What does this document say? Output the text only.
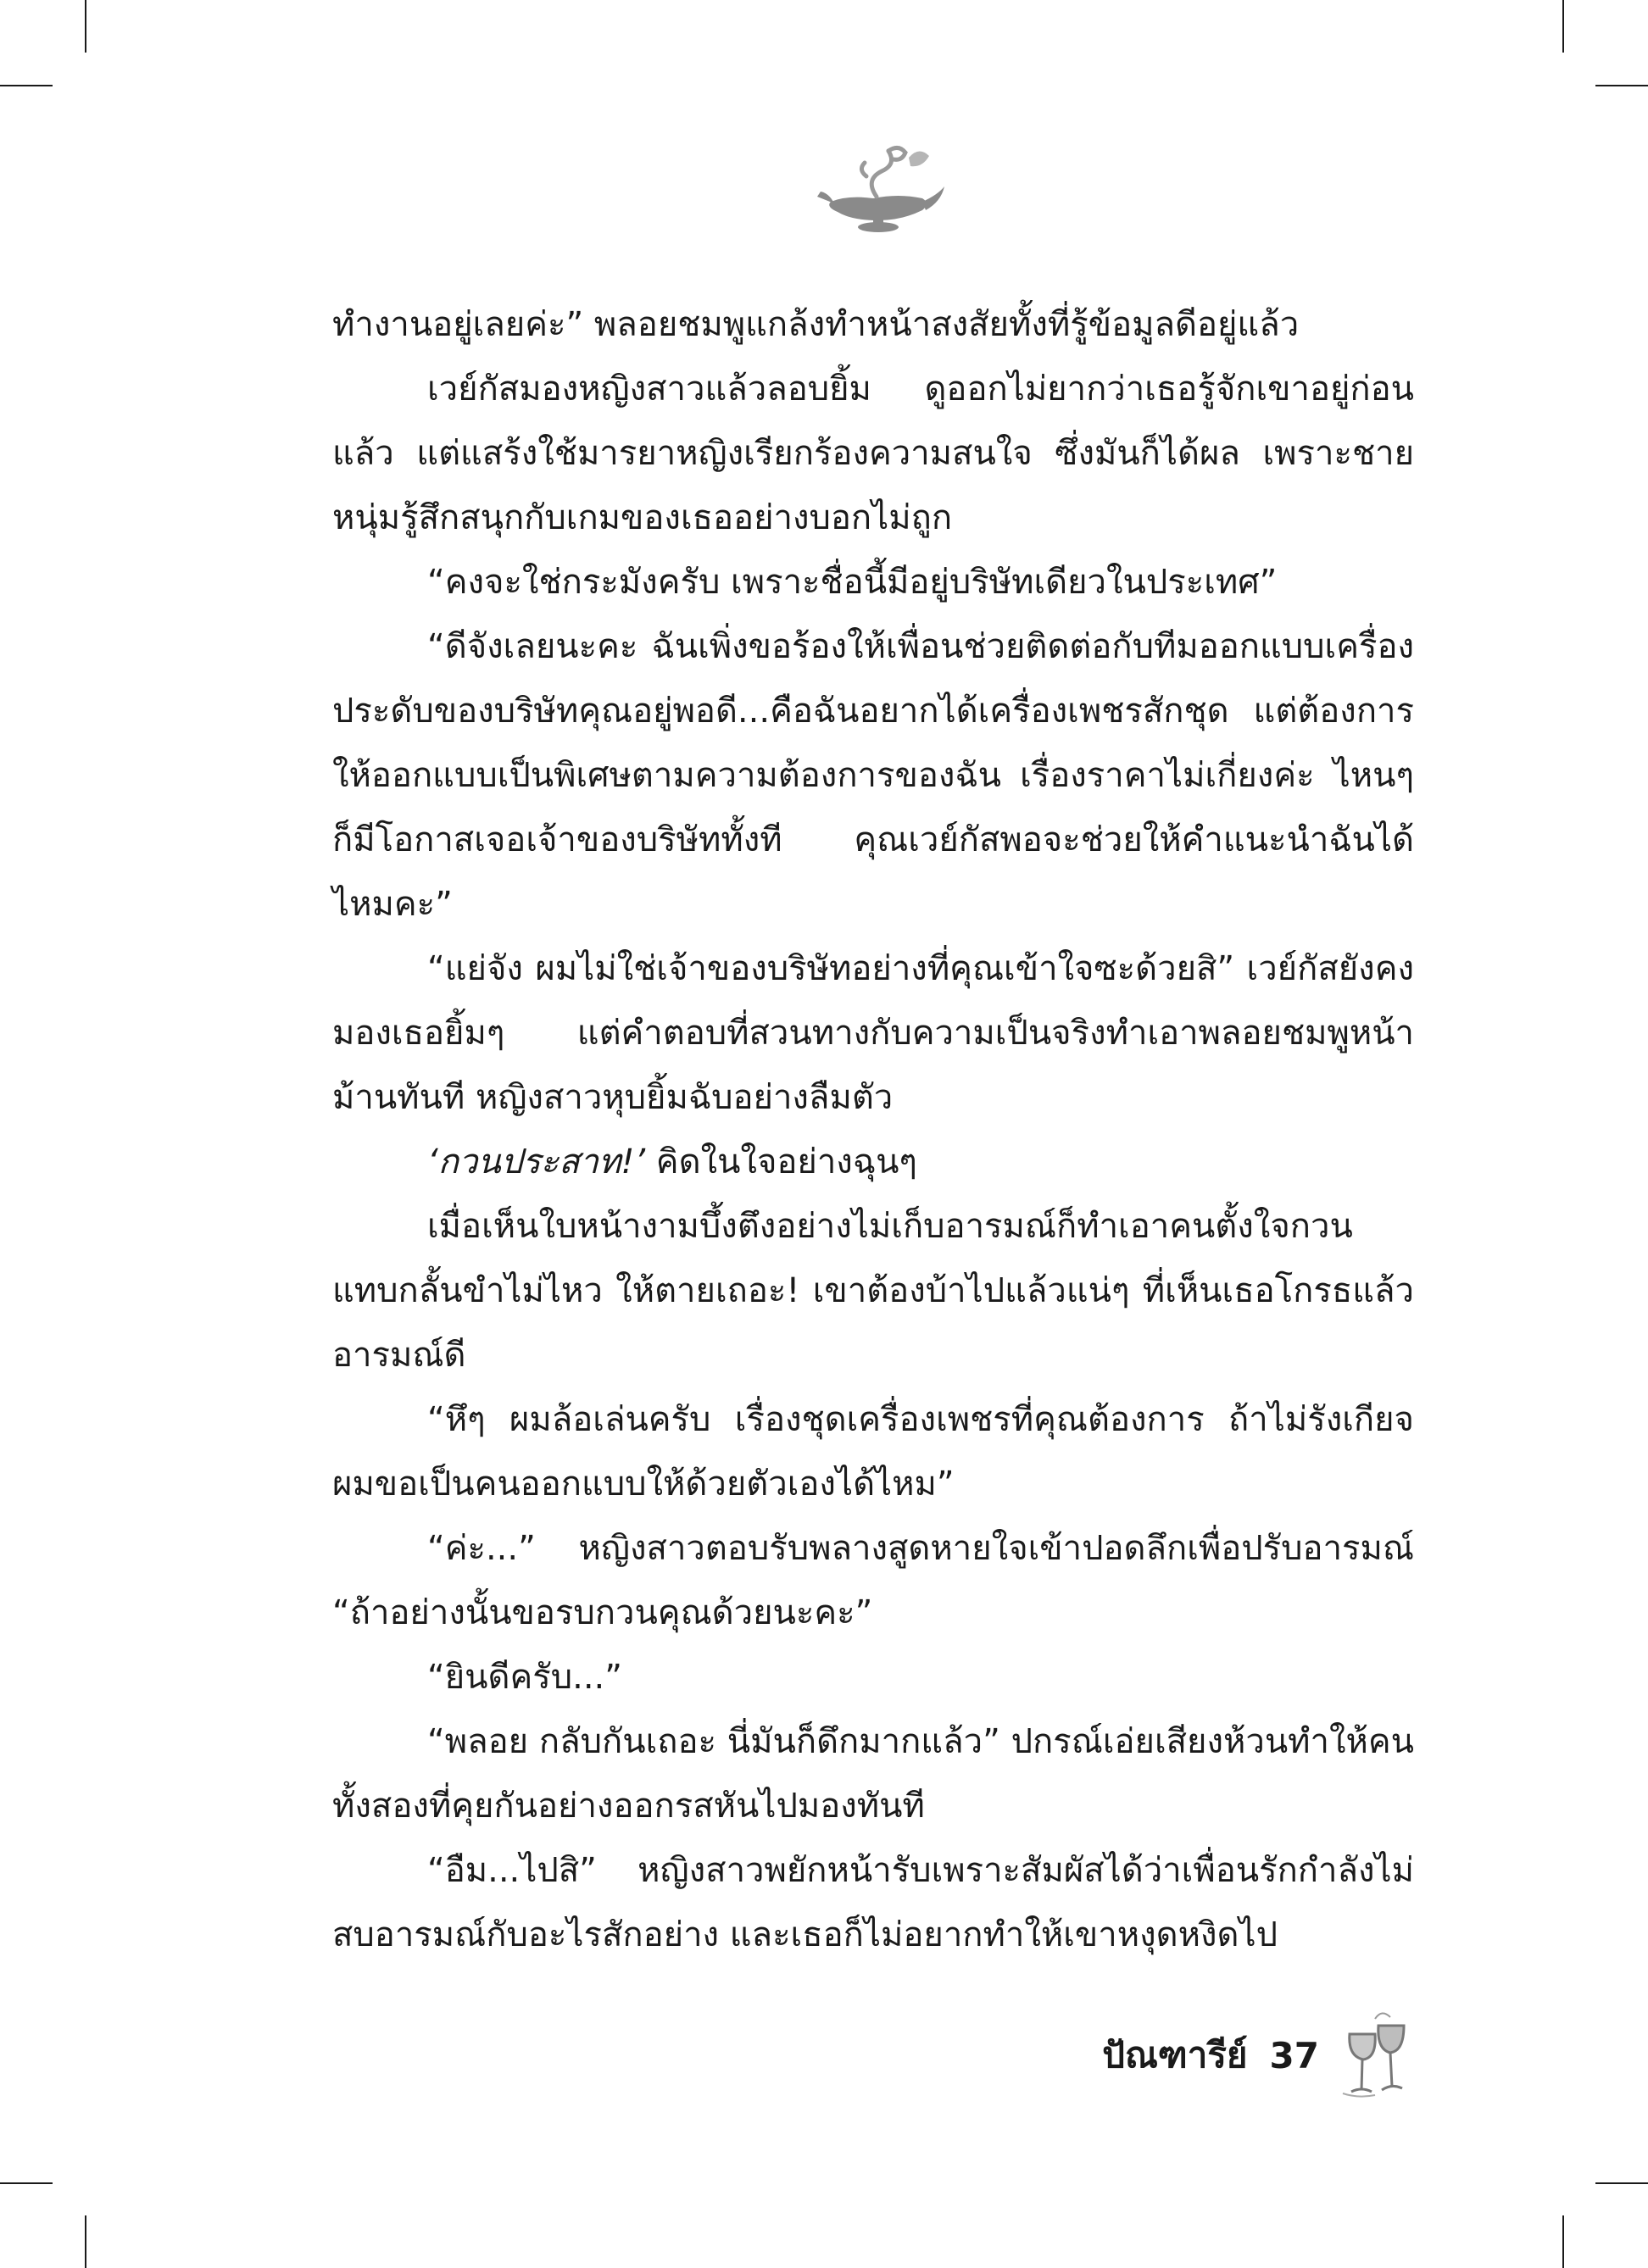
ทำงานอยู่เลยค่ะ” พลอยชมพูแกล้งทำหน้าสงสัยทั้งที่รู้ข้อมูลดีอยู่แล้ว

เวย์กัสมองหญิงสาวแล้วลอบยิ้ม ดูออกไม่ยากว่าเธอรู้จักเขาอยู่ก่อนแล้ว แต่แสร้งใช้มารยาหญิงเรียกร้องความสนใจ ซึ่งมันก็ได้ผล เพราะชายหนุ่มรู้สึกสนุกกับเกมของเธออย่างบอกไม่ถูก

“คงจะใช่กระมังครับ เพราะชื่อนี้มีอยู่บริษัทเดียวในประเทศ”

“ดีจังเลยนะคะ ฉันเพิ่งขอร้องให้เพื่อนช่วยติดต่อกับทีมออกแบบเครื่องประดับของบริษัทคุณอยู่พอดี...คือฉันอยากได้เครื่องเพชรสักชุด แต่ต้องการให้ออกแบบเป็นพิเศษตามความต้องการของฉัน เรื่องราคาไม่เกี่ยงค่ะ ไหนๆ ก็มีโอกาสเจอเจ้าของบริษัททั้งที คุณเวย์กัสพอจะช่วยให้คำแนะนำฉันได้ไหมคะ”

“แย่จัง ผมไม่ใช่เจ้าของบริษัทอย่างที่คุณเข้าใจซะด้วยสิ” เวย์กัสยังคงมองเธอยิ้มๆ แต่คำตอบที่สวนทางกับความเป็นจริงทำเอาพลอยชมพูหน้าม้านทันที หญิงสาวหุบยิ้มฉับอย่างลืมตัว

‘กวนประสาท!’ คิดในใจอย่างฉุนๆ

เมื่อเห็นใบหน้างามบึ้งตึงอย่างไม่เก็บอารมณ์ก็ทำเอาคนตั้งใจกวนแทบกลั้นขำไม่ไหว ให้ตายเถอะ! เขาต้องบ้าไปแล้วแน่ๆ ที่เห็นเธอโกรธแล้วอารมณ์ดี

“หึๆ ผมล้อเล่นครับ เรื่องชุดเครื่องเพชรที่คุณต้องการ ถ้าไม่รังเกียจผมขอเป็นคนออกแบบให้ด้วยตัวเองได้ไหม”

“ค่ะ...” หญิงสาวตอบรับพลางสูดหายใจเข้าปอดลึกเพื่อปรับอารมณ์ “ถ้าอย่างนั้นขอรบกวนคุณด้วยนะคะ”

“ยินดีครับ...”

“พลอย กลับกันเถอะ นี่มันก็ดึกมากแล้ว” ปกรณ์เอ่ยเสียงห้วนทำให้คนทั้งสองที่คุยกันอย่างออกรสหันไปมองทันที

“อืม...ไปสิ” หญิงสาวพยักหน้ารับเพราะสัมผัสได้ว่าเพื่อนรักกำลังไม่สบอารมณ์กับอะไรสักอย่าง และเธอก็ไม่อยากทำให้เขาหงุดหงิดไป

ปัณฑารีย์ 37
